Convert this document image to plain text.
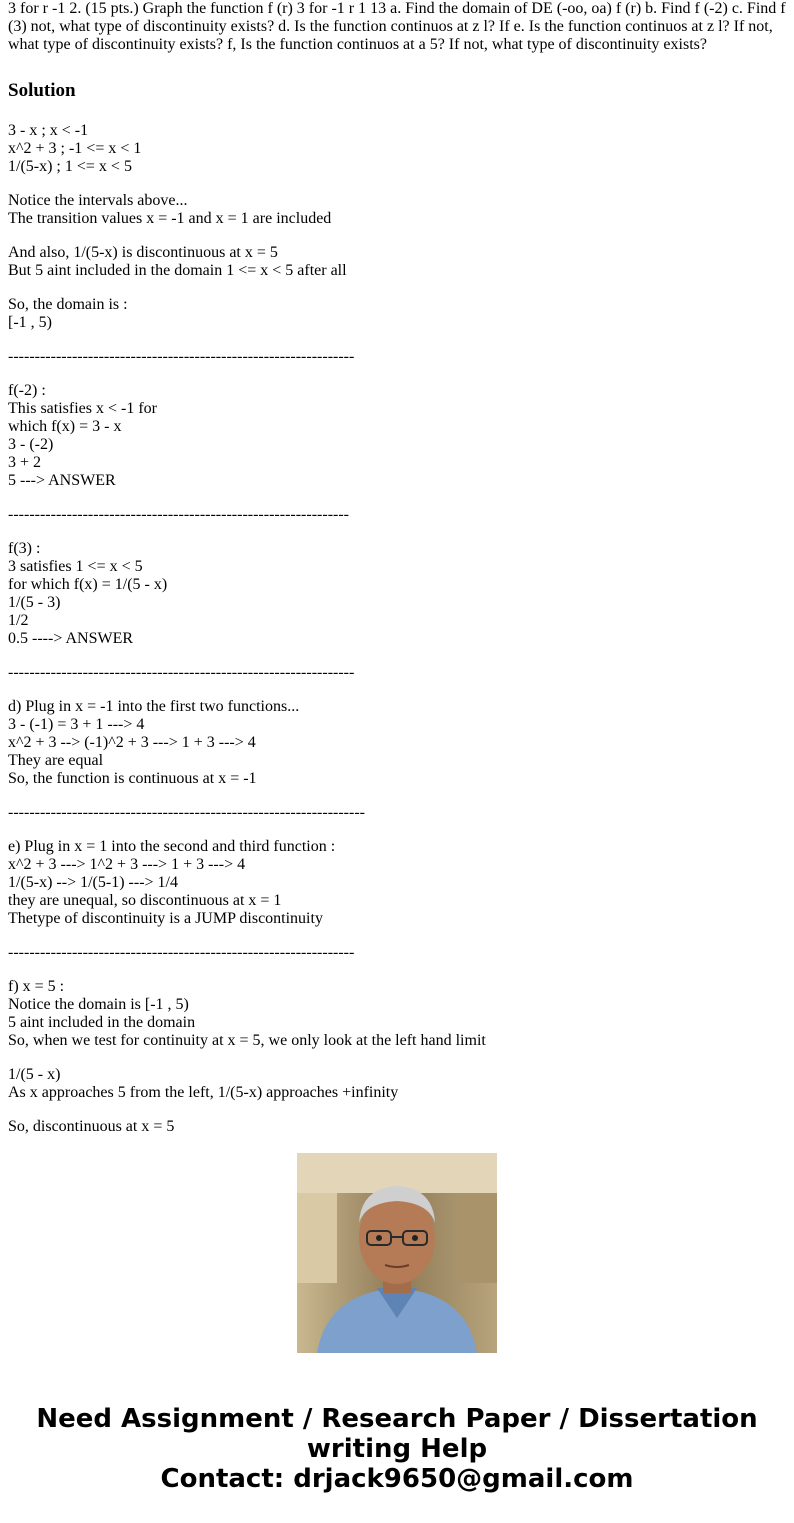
3 for r -1 2. (15 pts.) Graph the function f (r) 3 for -1 r 1 13 a. Find the domain of DE (-oo, oa) f (r) b. Find f (-2) c. Find f (3) not, what type of discontinuity exists? d. Is the function continuos at z l? If e. Is the function continuos at z l? If not, what type of discontinuity exists? f, Is the function continuos at a 5? If not, what type of discontinuity exists?
Solution
3 - x ; x < -1
x^2 + 3 ; -1 <= x < 1
1/(5-x) ; 1 <= x < 5
Notice the intervals above...
The transition values x = -1 and x = 1 are included
And also, 1/(5-x) is discontinuous at x = 5
But 5 aint included in the domain 1 <= x < 5 after all
So, the domain is :
[-1 , 5)
-----------------------------------------------------------------
f(-2) :
This satisfies x < -1 for
which f(x) = 3 - x
3 - (-2)
3 + 2
5 ---> ANSWER
----------------------------------------------------------------
f(3) :
3 satisfies 1 <= x < 5
for which f(x) = 1/(5 - x)
1/(5 - 3)
1/2
0.5 ----> ANSWER
-----------------------------------------------------------------
d) Plug in x = -1 into the first two functions...
3 - (-1) = 3 + 1 ---> 4
x^2 + 3 --> (-1)^2 + 3 ---> 1 + 3 ---> 4
They are equal
So, the function is continuous at x = -1
-------------------------------------------------------------------
e) Plug in x = 1 into the second and third function :
x^2 + 3 ---> 1^2 + 3 ---> 1 + 3 ---> 4
1/(5-x) --> 1/(5-1) ---> 1/4
they are unequal, so discontinuous at x = 1
Thetype of discontinuity is a JUMP discontinuity
-----------------------------------------------------------------
f) x = 5 :
Notice the domain is [-1 , 5)
5 aint included in the domain
So, when we test for continuity at x = 5, we only look at the left hand limit
1/(5 - x)
As x approaches 5 from the left, 1/(5-x) approaches +infinity
So, discontinuous at x = 5
Need Assignment / Research Paper / Dissertation
writing Help
Contact: drjack9650@gmail.com
